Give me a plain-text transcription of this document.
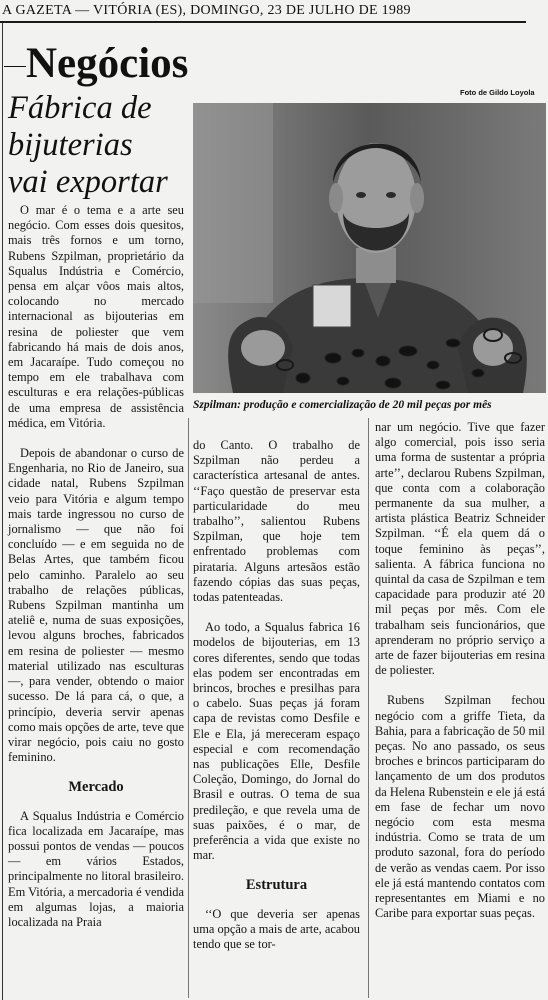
A GAZETA — VITÓRIA (ES), DOMINGO, 23 DE JULHO DE 1989
Negócios
Fábrica de
bijuterias
vai exportar
Foto de Gildo Loyola
Szpilman: produção e comercialização de 20 mil peças por mês

O mar é o tema e a arte seu negócio. Com esses dois quesitos, mais três fornos e um torno, Rubens Szpilman, proprietário da Squalus Indústria e Comércio, pensa em alçar vôos mais altos, colocando no mercado internacional as bijouterias em resina de poliester que vem fabricando há mais de dois anos, em Jacaraípe. Tudo começou no tempo em ele trabalhava com esculturas e era relações-públicas de uma empresa de assistência médica, em Vitória.

Depois de abandonar o curso de Engenharia, no Rio de Janeiro, sua cidade natal, Rubens Szpilman veio para Vitória e algum tempo mais tarde ingressou no curso de jornalismo — que não foi concluído — e em seguida no de Belas Artes, que também ficou pelo caminho. Paralelo ao seu trabalho de relações públicas, Rubens Szpilman mantinha um ateliê e, numa de suas exposições, levou alguns broches, fabricados em resina de poliester — mesmo material utilizado nas esculturas —, para vender, obtendo o maior sucesso. De lá para cá, o que, a princípio, deveria servir apenas como mais opções de arte, teve que virar negócio, pois caiu no gosto feminino.

Mercado

A Squalus Indústria e Comércio fica localizada em Jacaraípe, mas possui pontos de vendas — poucos — em vários Estados, principalmente no litoral brasileiro. Em Vitória, a mercadoria é vendida em algumas lojas, a maioria localizada na Praia

do Canto. O trabalho de Szpilman não perdeu a característica artesanal de antes. ‘‘Faço questão de preservar esta particularidade do meu trabalho’’, salientou Rubens Szpilman, que hoje tem enfrentado problemas com pirataria. Alguns artesãos estão fazendo cópias das suas peças, todas patenteadas.

Ao todo, a Squalus fabrica 16 modelos de bijouterias, em 13 cores diferentes, sendo que todas elas podem ser encontradas em brincos, broches e presilhas para o cabelo. Suas peças já foram capa de revistas como Desfile e Ele e Ela, já mereceram espaço especial e com recomendação nas publicações Elle, Desfile Coleção, Domingo, do Jornal do Brasil e outras. O tema de sua predileção, e que revela uma de suas paixões, é o mar, de preferência a vida que existe no mar.

Estrutura

‘‘O que deveria ser apenas uma opção a mais de arte, acabou tendo que se tor-

nar um negócio. Tive que fazer algo comercial, pois isso seria uma forma de sustentar a própria arte’’, declarou Rubens Szpilman, que conta com a colaboração permanente da sua mulher, a artista plástica Beatriz Schneider Szpilman. ‘‘É ela quem dá o toque feminino às peças’’, salienta. A fábrica funciona no quintal da casa de Szpilman e tem capacidade para produzir até 20 mil peças por mês. Com ele trabalham seis funcionários, que aprenderam no próprio serviço a arte de fazer bijouterias em resina de poliester.

Rubens Szpilman fechou negócio com a griffe Tieta, da Bahia, para a fabricação de 50 mil peças. No ano passado, os seus broches e brincos participaram do lançamento de um dos produtos da Helena Rubenstein e ele já está em fase de fechar um novo negócio com esta mesma indústria. Como se trata de um produto sazonal, fora do período de verão as vendas caem. Por isso ele já está mantendo contatos com representantes em Miami e no Caribe para exportar suas peças.
